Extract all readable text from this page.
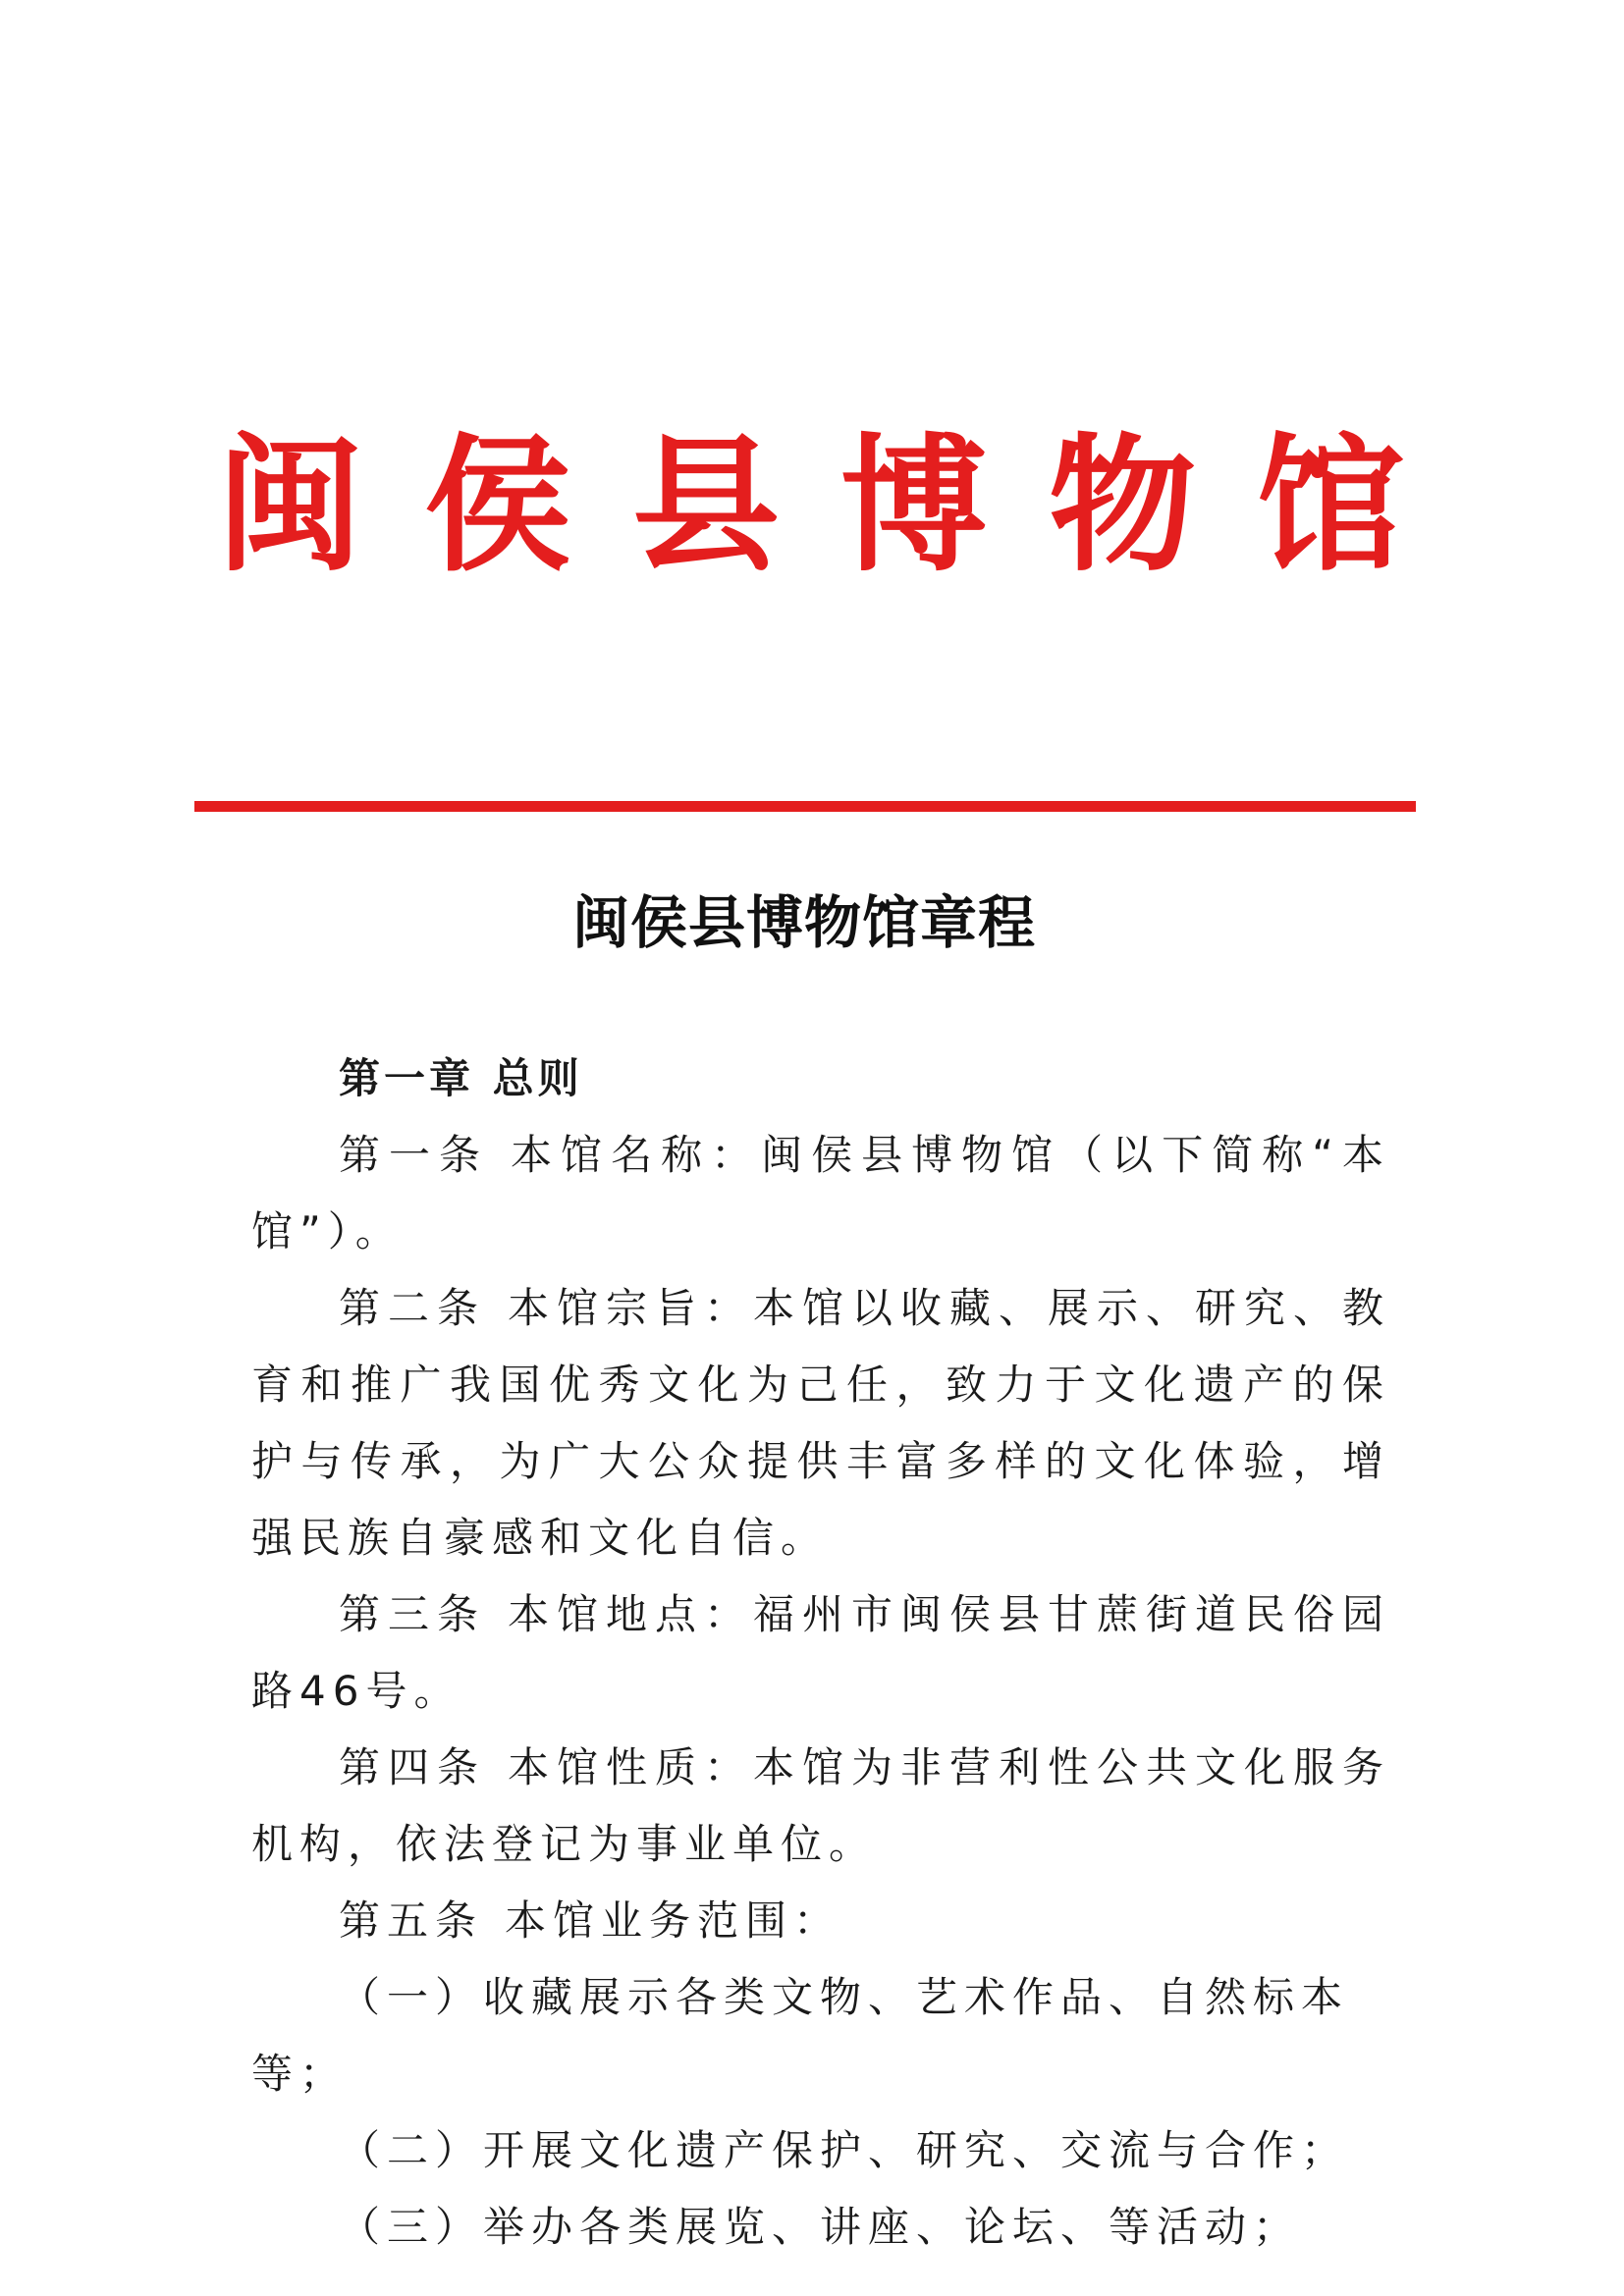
闽 侯 县 博 物 馆
闽侯县博物馆章程

第一章 总则

第一条 本馆名称：闽侯县博物馆（以下简称“本馆”）。

第二条 本馆宗旨：本馆以收藏、展示、研究、教育和推广我国优秀文化为己任，致力于文化遗产的保护与传承，为广大公众提供丰富多样的文化体验，增强民族自豪感和文化自信。

第三条 本馆地点：福州市闽侯县甘蔗街道民俗园路46号。

第四条 本馆性质：本馆为非营利性公共文化服务机构，依法登记为事业单位。

第五条 本馆业务范围：

（一）收藏展示各类文物、艺术作品、自然标本等；

（二）开展文化遗产保护、研究、交流与合作；

（三）举办各类展览、讲座、论坛、等活动；
